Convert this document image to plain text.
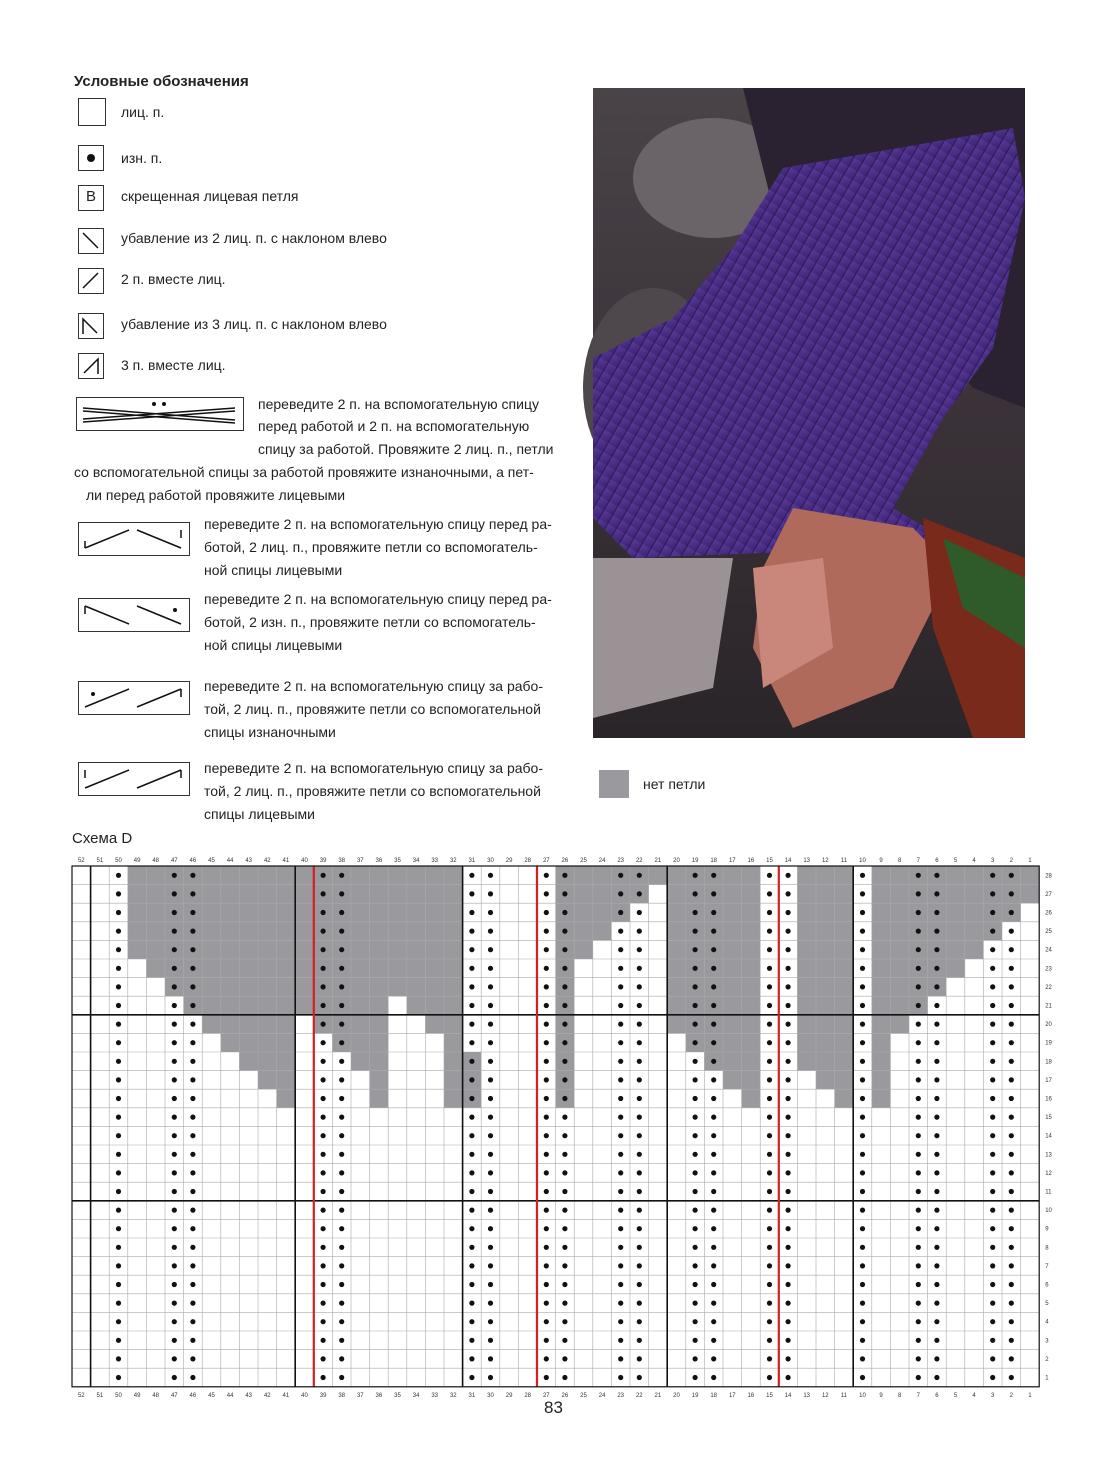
Условные обозначения
лиц. п.
изн. п.
B	скрещенная лицевая петля
убавление из 2 лиц. п. с наклоном влево
2 п. вместе лиц.
убавление из 3 лиц. п. с наклоном влево
3 п. вместе лиц.
переведите 2 п. на вспомогательную спицу
перед работой и 2 п. на вспомогательную
спицу за работой. Провяжите 2 лиц. п., петли
со вспомогательной спицы за работой провяжите изнаночными, а пет-
ли перед работой провяжите лицевыми
переведите 2 п. на вспомогательную спицу перед ра-
ботой, 2 лиц. п., провяжите петли со вспомогатель-
ной спицы лицевыми
переведите 2 п. на вспомогательную спицу перед ра-
ботой, 2 изн. п., провяжите петли со вспомогатель-
ной спицы лицевыми
переведите 2 п. на вспомогательную спицу за рабо-
той, 2 лиц. п., провяжите петли со вспомогательной
спицы изнаночными
переведите 2 п. на вспомогательную спицу за рабо-
той, 2 лиц. п., провяжите петли со вспомогательной
спицы лицевыми
нет петли
Схема D
1
1
2
2
3
3
4
4
5
5
6
6
7
7
8
8
9
9
10
10
11
11
12
12
13
13
14
14
15
15
16
16
17
17
18
18
19
19
20
20
21
21
22
22
23
23
24
24
25
25
26
26
27
27
28
28
29
29
30
30
31
31
32
32
33
33
34
34
35
35
36
36
37
37
38
38
39
39
40
40
41
41
42
42
43
43
44
44
45
45
46
46
47
47
48
48
49
49
50
50
51
51
52
52
1
2
3
4
5
6
7
8
9
10
11
12
13
14
15
16
17
18
19
20
21
22
23
24
25
26
27
28
83
